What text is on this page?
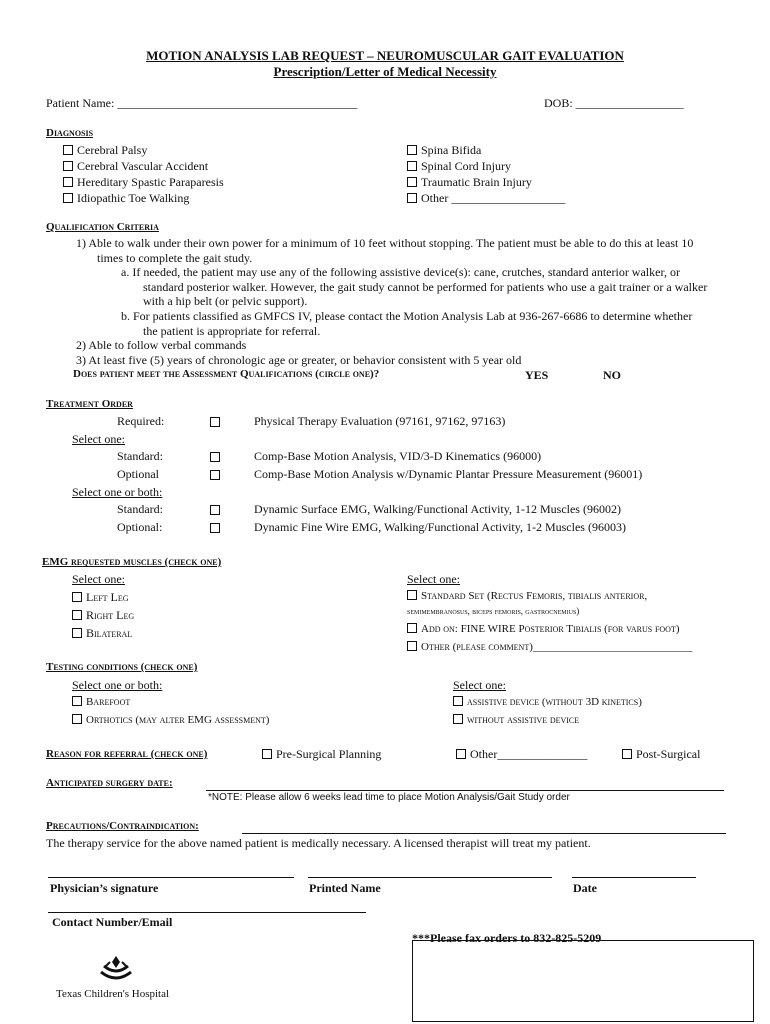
MOTION ANALYSIS LAB REQUEST – NEUROMUSCULAR GAIT EVALUATION
Prescription/Letter of Medical Necessity
Patient Name: ________________________________________	DOB: __________________
Diagnosis
Cerebral Palsy
Cerebral Vascular Accident
Hereditary Spastic Paraparesis
Idiopathic Toe Walking
Spina Bifida
Spinal Cord Injury
Traumatic Brain Injury
Other ___________________
Qualification Criteria
1) Able to walk under their own power for a minimum of 10 feet without stopping. The patient must be able to do this at least 10
times to complete the gait study.
a. If needed, the patient may use any of the following assistive device(s): cane, crutches, standard anterior walker, or
standard posterior walker. However, the gait study cannot be performed for patients who use a gait trainer or a walker
with a hip belt (or pelvic support).
b. For patients classified as GMFCS IV, please contact the Motion Analysis Lab at 936-267-6686 to determine whether
the patient is appropriate for referral.
2) Able to follow verbal commands
3) At least five (5) years of chronologic age or greater, or behavior consistent with 5 year old
Does patient meet the Assessment Qualifications (circle one)?	YES	NO
Treatment Order
Required:	Physical Therapy Evaluation (97161, 97162, 97163)
Select one:
Standard:	Comp-Base Motion Analysis, VID/3-D Kinematics (96000)
Optional	Comp-Base Motion Analysis w/Dynamic Plantar Pressure Measurement (96001)
Select one or both:
Standard:	Dynamic Surface EMG, Walking/Functional Activity, 1-12 Muscles (96002)
Optional:	Dynamic Fine Wire EMG, Walking/Functional Activity, 1-2 Muscles (96003)
EMG requested muscles (check one)
Select one:
Left Leg
Right Leg
Bilateral
Select one:
Standard Set (Rectus Femoris, tibialis anterior,
semimembranosus, biceps femoris, gastrocnemius)
Add on: FINE WIRE Posterior Tibialis (for varus foot)
Other (please comment)_____________________________
Testing conditions (check one)
Select one or both:
Barefoot
Orthotics (may alter EMG assessment)
Select one:
assistive device (without 3D kinetics)
without assistive device
Reason for referral (check one)	Pre-Surgical Planning	Other_______________	Post-Surgical
Anticipated surgery date:
*NOTE: Please allow 6 weeks lead time to place Motion Analysis/Gait Study order
Precautions/Contraindication:
The therapy service for the above named patient is medically necessary. A licensed therapist will treat my patient.
Physician’s signature	Printed Name	Date
Contact Number/Email
***Please fax orders to 832-825-5209
Texas Children's Hospital
